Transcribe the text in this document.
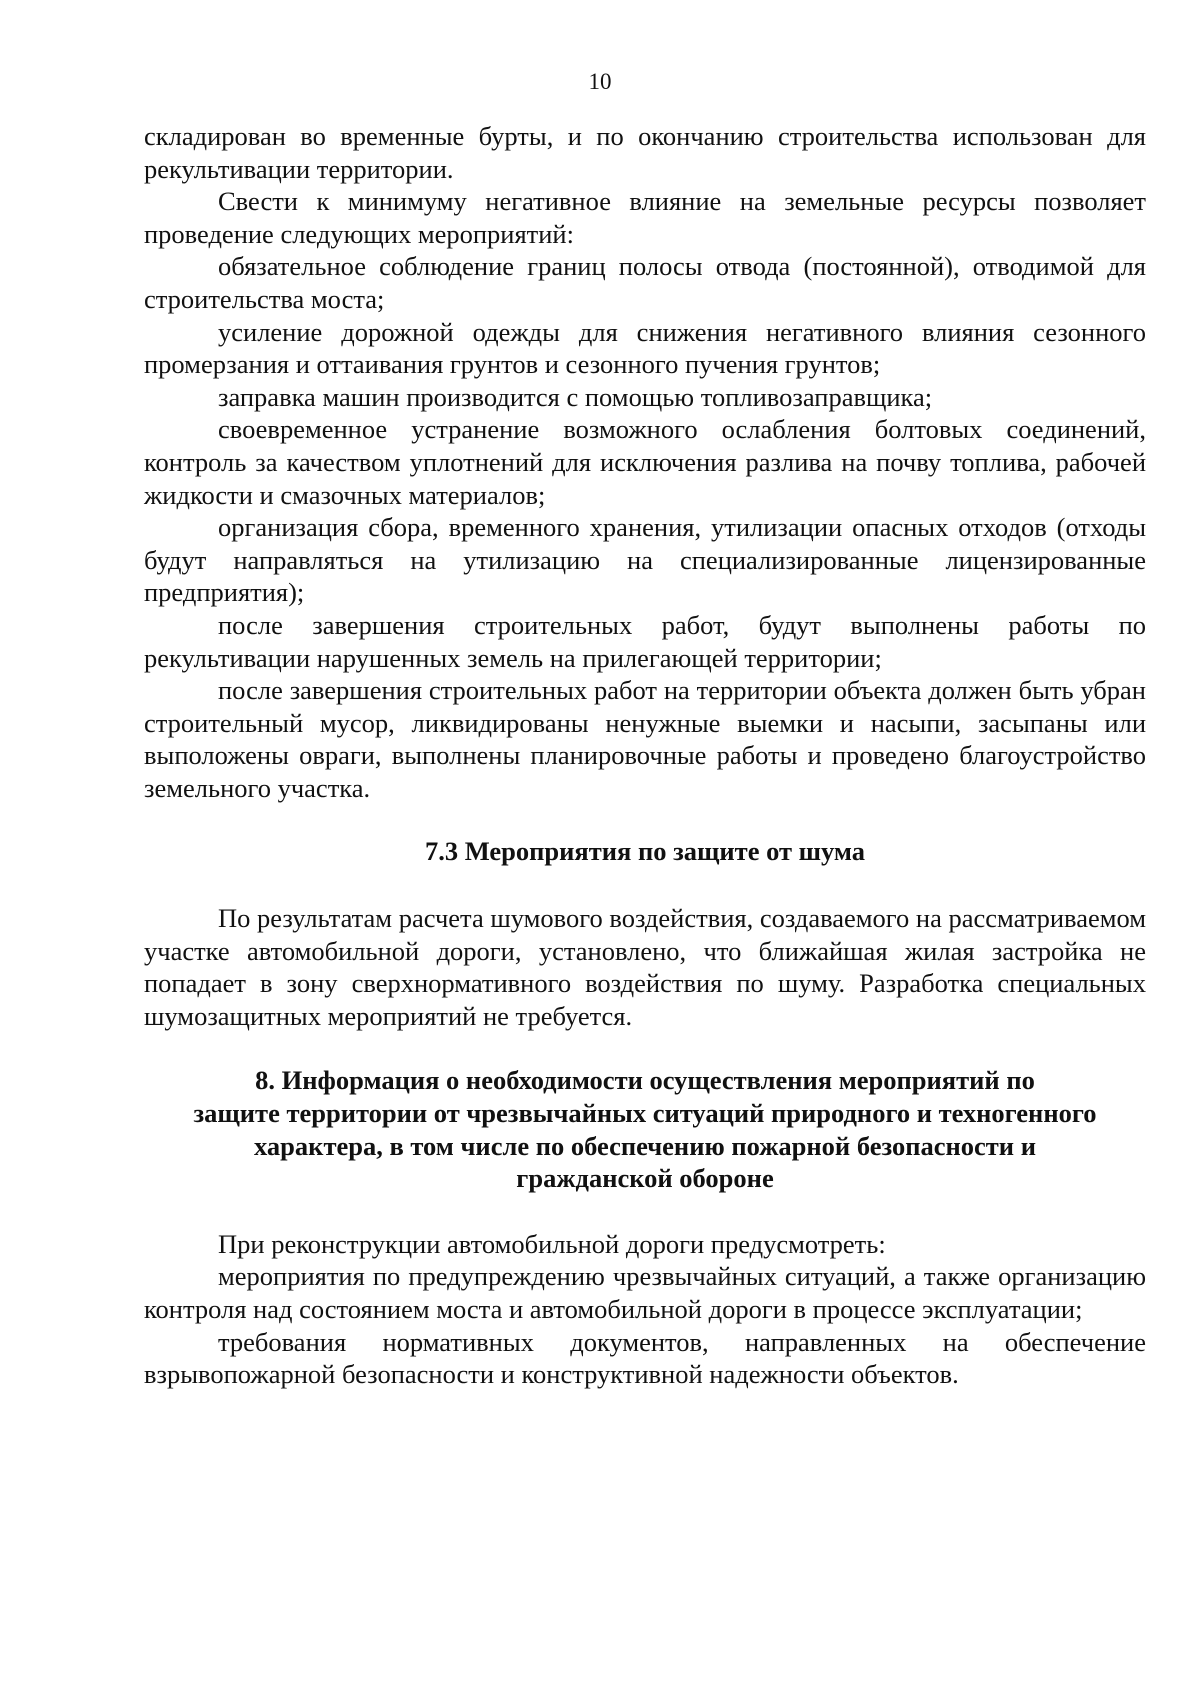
10

складирован во временные бурты, и по окончанию строительства использован для рекультивации территории.

Свести к минимуму негативное влияние на земельные ресурсы позволяет проведение следующих мероприятий:

обязательное соблюдение границ полосы отвода (постоянной), отводимой для строительства моста;

усиление дорожной одежды для снижения негативного влияния сезонного промерзания и оттаивания грунтов и сезонного пучения грунтов;

заправка машин производится с помощью топливозаправщика;

своевременное устранение возможного ослабления болтовых соединений, контроль за качеством уплотнений для исключения разлива на почву топлива, рабочей жидкости и смазочных материалов;

организация сбора, временного хранения, утилизации опасных отходов (отходы будут направляться на утилизацию на специализированные лицензированные предприятия);

после завершения строительных работ, будут выполнены работы по рекультивации нарушенных земель на прилегающей территории;

после завершения строительных работ на территории объекта должен быть убран строительный мусор, ликвидированы ненужные выемки и насыпи, засыпаны или выположены овраги, выполнены планировочные работы и проведено благоустройство земельного участка.

7.3 Мероприятия по защите от шума

По результатам расчета шумового воздействия, создаваемого на рассматриваемом участке автомобильной дороги, установлено, что ближайшая жилая застройка не попадает в зону сверхнормативного воздействия по шуму. Разработка специальных шумозащитных мероприятий не требуется.

8. Информация о необходимости осуществления мероприятий по
защите территории от чрезвычайных ситуаций природного и техногенного
характера, в том числе по обеспечению пожарной безопасности и
гражданской обороне

При реконструкции автомобильной дороги предусмотреть:

мероприятия по предупреждению чрезвычайных ситуаций, а также организацию контроля над состоянием моста и автомобильной дороги в процессе эксплуатации;

требования нормативных документов, направленных на обеспечение взрывопожарной безопасности и конструктивной надежности объектов.
